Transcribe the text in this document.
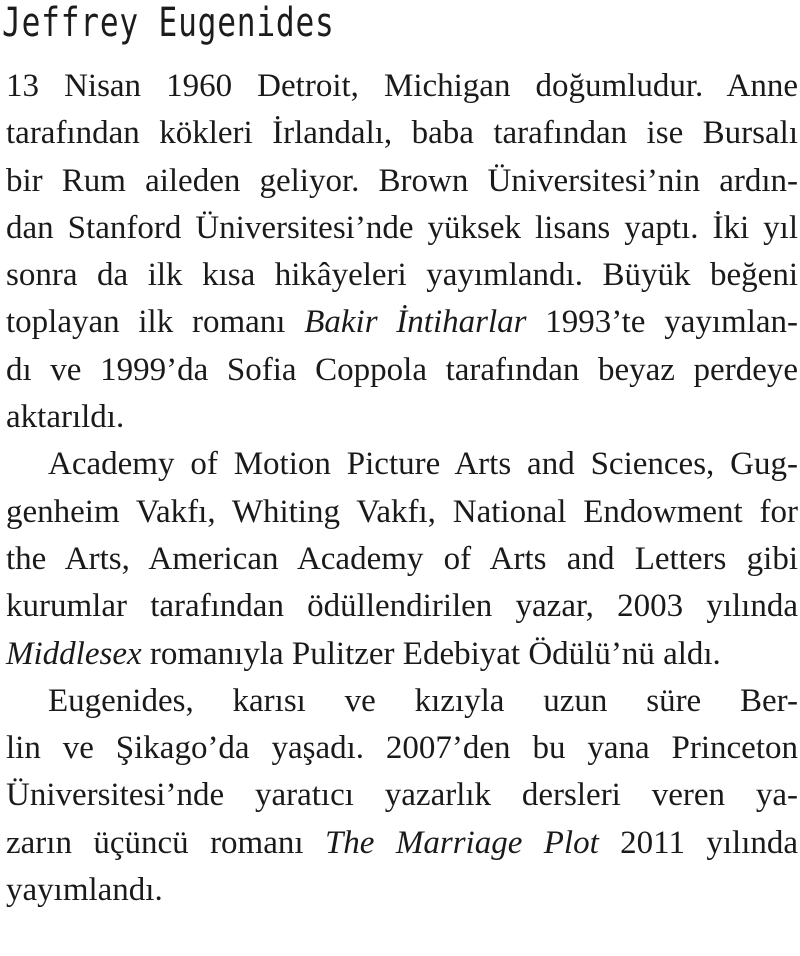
Jeffrey Eugenides
13 Nisan 1960 Detroit, Michigan doğumludur. Anne
tarafından kökleri İrlandalı, baba tarafından ise Bursalı
bir Rum aileden geliyor. Brown Üniversitesi’nin ardın-
dan Stanford Üniversitesi’nde yüksek lisans yaptı. İki yıl
sonra da ilk kısa hikâyeleri yayımlandı. Büyük beğeni
toplayan ilk romanı Bakir İntiharlar 1993’te yayımlan-
dı ve 1999’da Sofia Coppola tarafından beyaz perdeye
aktarıldı.
Academy of Motion Picture Arts and Sciences, Gug-
genheim Vakfı, Whiting Vakfı, National Endowment for
the Arts, American Academy of Arts and Letters gibi
kurumlar tarafından ödüllendirilen yazar, 2003 yılında
Middlesex romanıyla Pulitzer Edebiyat Ödülü’nü aldı.
Eugenides, karısı ve kızıyla uzun süre Ber-
lin ve Şikago’da yaşadı. 2007’den bu yana Princeton
Üniversitesi’nde yaratıcı yazarlık dersleri veren ya-
zarın üçüncü romanı The Marriage Plot 2011 yılında
yayımlandı.
